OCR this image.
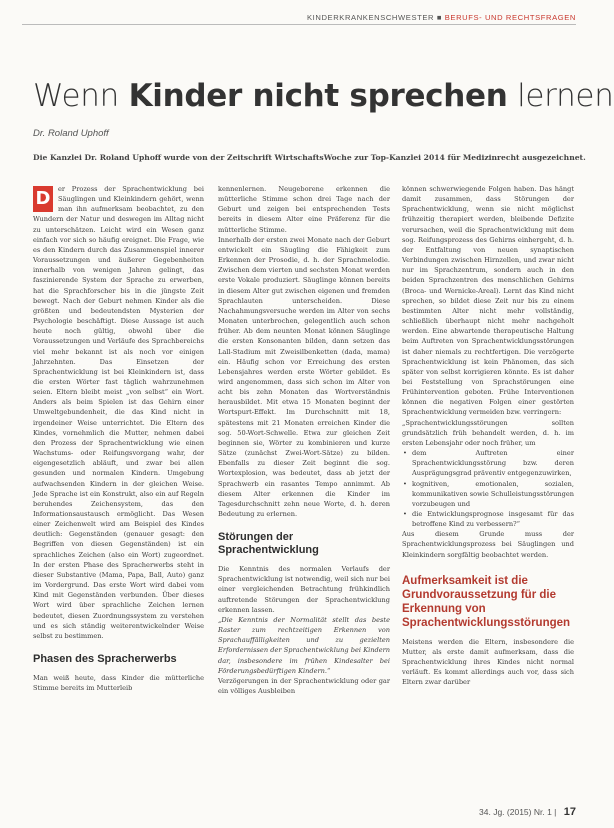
KINDERKRANKENSCHWESTER ■ BERUFS- UND RECHTSFRAGEN
Wenn Kinder nicht sprechen lernen
Dr. Roland Uphoff
Die Kanzlei Dr. Roland Uphoff wurde von der Zeitschrift WirtschaftsWoche zur Top-Kanzlei 2014 für Medizinrecht ausgezeichnet.
D	er Prozess der Sprachentwicklung bei Säuglingen und Kleinkindern gehört, wenn man ihn aufmerksam beobachtet, zu den Wundern der Natur und deswegen im Alltag nicht zu unterschätzen. Leicht wird ein Wesen ganz einfach vor sich so häufig ereignet. Die Frage, wie es den Kindern durch das Zusammenspiel innerer Voraussetzungen und äußerer Gegebenheiten innerhalb von wenigen Jahren gelingt, das faszinierende System der Sprache zu erwerben, hat die Sprachforscher bis in die jüngste Zeit bewegt. Nach der Geburt nehmen Kinder als die größten und bedeutendsten Mysterien der Psychologie beschäftigt. Diese Aussage ist auch heute noch gültig, obwohl über die Voraussetzungen und Verläufe des Sprachbereichs viel mehr bekannt ist als noch vor einigen Jahrzehnten. Das Einsetzen der Sprachentwicklung ist bei Kleinkindern ist, dass die ersten Wörter fast täglich wahrzunehmen seien. Eltern bleibt meist „von selbst“ ein Wort. Anders als beim Spielen ist das Gehirn einer Umweltgebundenheit, die das Kind nicht in irgendeiner Weise unterrichtet. Die Eltern des Kindes, vornehmlich die Mutter, nehmen dabei den Prozess der Sprachentwicklung wie einen Wachstums- oder Reifungsvorgang wahr, der eigengesetzlich abläuft, und zwar bei allen gesunden und normalen Kindern. Umgebung aufwachsenden Kindern in der gleichen Weise. Jede Sprache ist ein Konstrukt, also ein auf Regeln beruhendes Zeichensystem, das den Informationsaustausch ermöglicht. Das Wesen einer Zeichenwelt wird am Beispiel des Kindes deutlich: Gegenständen (genauer gesagt: den Begriffen von diesen Gegenständen) ist ein sprachliches Zeichen (also ein Wort) zugeordnet. In der ersten Phase des Spracherwerbs steht in dieser Substantive (Mama, Papa, Ball, Auto) ganz im Vordergrund. Das erste Wort wird dabei vom Kind mit Gegenständen verbunden. Über dieses Wort wird über sprachliche Zeichen lernen bedeutet, diesen Zuordnungssystem zu verstehen und es sich ständig weiterentwickelnder Weise selbst zu bestimmen.

Phasen des Spracherwerbs

Man weiß heute, dass Kinder die mütterliche Stimme bereits im Mutterleib

kennenlernen. Neugeborene erkennen die mütterliche Stimme schon drei Tage nach der Geburt und zeigen bei entsprechenden Tests bereits in diesem Alter eine Präferenz für die mütterliche Stimme.

Innerhalb der ersten zwei Monate nach der Geburt entwickelt ein Säugling die Fähigkeit zum Erkennen der Prosodie, d. h. der Sprachmelodie. Zwischen dem vierten und sechsten Monat werden erste Vokale produziert. Säuglinge können bereits in diesem Alter gut zwischen eigenen und fremden Sprachlauten unterscheiden. Diese Nachahmungsversuche werden im Alter von sechs Monaten unterbrochen, gelegentlich auch schon früher. Ab dem neunten Monat können Säuglinge die ersten Konsonanten bilden, dann setzen das Lall-Stadium mit Zweisilbenketten (dada, mama) ein. Häufig schon vor Erreichung des ersten Lebensjahres werden erste Wörter gebildet. Es wird angenommen, dass sich schon im Alter von acht bis zehn Monaten das Wortverständnis herausbildet. Mit etwa 15 Monaten beginnt der Wortspurt-Effekt. Im Durchschnitt mit 18, spätestens mit 21 Monaten erreichen Kinder die sog. 50-Wort-Schwelle. Etwa zur gleichen Zeit beginnen sie, Wörter zu kombinieren und kurze Sätze (zunächst Zwei-Wort-Sätze) zu bilden. Ebenfalls zu dieser Zeit beginnt die sog. Wortexplosion, was bedeutet, dass ab jetzt der Sprachwerb ein rasantes Tempo annimmt. Ab diesem Alter erkennen die Kinder im Tagesdurchschnitt zehn neue Worte, d. h. deren Bedeutung zu erlernen.

Störungen der Sprachentwicklung

Die Kenntnis des normalen Verlaufs der Sprachentwicklung ist notwendig, weil sich nur bei einer vergleichenden Betrachtung frühkindlich auftretende Störungen der Sprachentwicklung erkennen lassen.

„Die Kenntnis der Normalität stellt das beste Raster zum rechtzeitigen Erkennen von Sprachauffälligkeiten und zu gezielten Erfordernissen der Sprachentwicklung bei Kindern dar, insbesondere im frühen Kindesalter bei Förderungsbedürftigen Kindern.“

Verzögerungen in der Sprachentwicklung oder gar ein völliges Ausbleiben

können schwerwiegende Folgen haben. Das hängt damit zusammen, dass Störungen der Sprachentwicklung, wenn sie nicht möglichst frühzeitig therapiert werden, bleibende Defizite verursachen, weil die Sprachentwicklung mit dem sog. Reifungsprozess des Gehirns einhergeht, d. h. der Entfaltung von neuen synaptischen Verbindungen zwischen Hirnzellen, und zwar nicht nur im Sprachzentrum, sondern auch in den beiden Sprachzentren des menschlichen Gehirns (Broca- und Wernicke-Areal). Lernt das Kind nicht sprechen, so bildet diese Zeit nur bis zu einem bestimmten Alter nicht mehr vollständig, schließlich überhaupt nicht mehr nachgeholt werden. Eine abwartende therapeutische Haltung beim Auftreten von Sprachentwicklungsstörungen ist daher niemals zu rechtfertigen. Die verzögerte Sprachentwicklung ist kein Phänomen, das sich später von selbst korrigieren könnte. Es ist daher bei Feststellung von Sprachstörungen eine Frühintervention geboten. Frühe Interventionen können die negativen Folgen einer gestörten Sprachentwicklung vermeiden bzw. verringern:

„Sprachentwicklungsstörungen sollten grundsätzlich früh behandelt werden, d. h. im ersten Lebensjahr oder noch früher, um

• dem Auftreten einer Sprachentwicklungsstörung bzw. deren Ausprägungsgrad präventiv entgegenzuwirken,
• kognitiven, emotionalen, sozialen, kommunikativen sowie Schulleistungsstörungen vorzubeugen und
• die Entwicklungsprognose insgesamt für das betroffene Kind zu verbessern?“

Aus diesem Grunde muss der Sprachentwicklungsprozess bei Säuglingen und Kleinkindern sorgfältig beobachtet werden.

Aufmerksamkeit ist die Grundvoraussetzung für die Erkennung von Sprachentwicklungsstörungen

Meistens werden die Eltern, insbesondere die Mutter, als erste damit aufmerksam, dass die Sprachentwicklung ihres Kindes nicht normal verläuft. Es kommt allerdings auch vor, dass sich Eltern zwar darüber

34. Jg. (2015) Nr. 1 | 17
